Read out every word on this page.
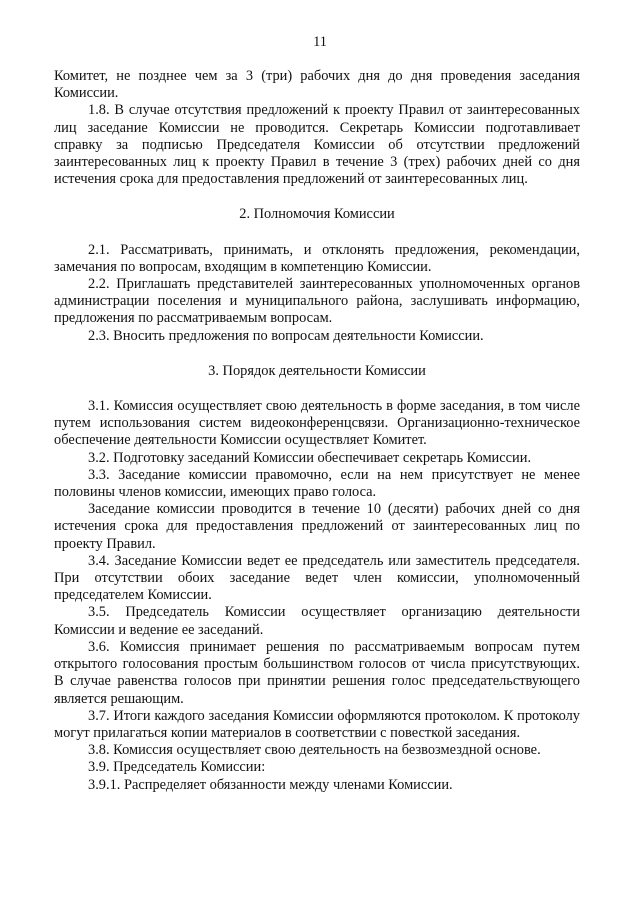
11

Комитет, не позднее чем за 3 (три) рабочих дня до дня проведения заседания Комиссии.

1.8. В случае отсутствия предложений к проекту Правил от заинтересованных лиц заседание Комиссии не проводится. Секретарь Комиссии подготавливает справку за подписью Председателя Комиссии об отсутствии предложений заинтересованных лиц к проекту Правил в течение 3 (трех) рабочих дней со дня истечения срока для предоставления предложений от заинтересованных лиц.

2. Полномочия Комиссии

2.1. Рассматривать, принимать, и отклонять предложения, рекомендации, замечания по вопросам, входящим в компетенцию Комиссии.

2.2. Приглашать представителей заинтересованных уполномоченных органов администрации поселения и муниципального района, заслушивать информацию, предложения по рассматриваемым вопросам.

2.3. Вносить предложения по вопросам деятельности Комиссии.

3. Порядок деятельности Комиссии

3.1. Комиссия осуществляет свою деятельность в форме заседания, в том числе путем использования систем видеоконференцсвязи. Организационно-техническое обеспечение деятельности Комиссии осуществляет Комитет.

3.2. Подготовку заседаний Комиссии обеспечивает секретарь Комиссии.

3.3. Заседание комиссии правомочно, если на нем присутствует не менее половины членов комиссии, имеющих право голоса.

Заседание комиссии проводится в течение 10 (десяти) рабочих дней со дня истечения срока для предоставления предложений от заинтересованных лиц по проекту Правил.

3.4. Заседание Комиссии ведет ее председатель или заместитель председателя. При отсутствии обоих заседание ведет член комиссии, уполномоченный председателем Комиссии.

3.5. Председатель Комиссии осуществляет организацию деятельности Комиссии и ведение ее заседаний.

3.6. Комиссия принимает решения по рассматриваемым вопросам путем открытого голосования простым большинством голосов от числа присутствующих. В случае равенства голосов при принятии решения голос председательствующего является решающим.

3.7. Итоги каждого заседания Комиссии оформляются протоколом. К протоколу могут прилагаться копии материалов в соответствии с повесткой заседания.

3.8. Комиссия осуществляет свою деятельность на безвозмездной основе.

3.9. Председатель Комиссии:

3.9.1. Распределяет обязанности между членами Комиссии.
